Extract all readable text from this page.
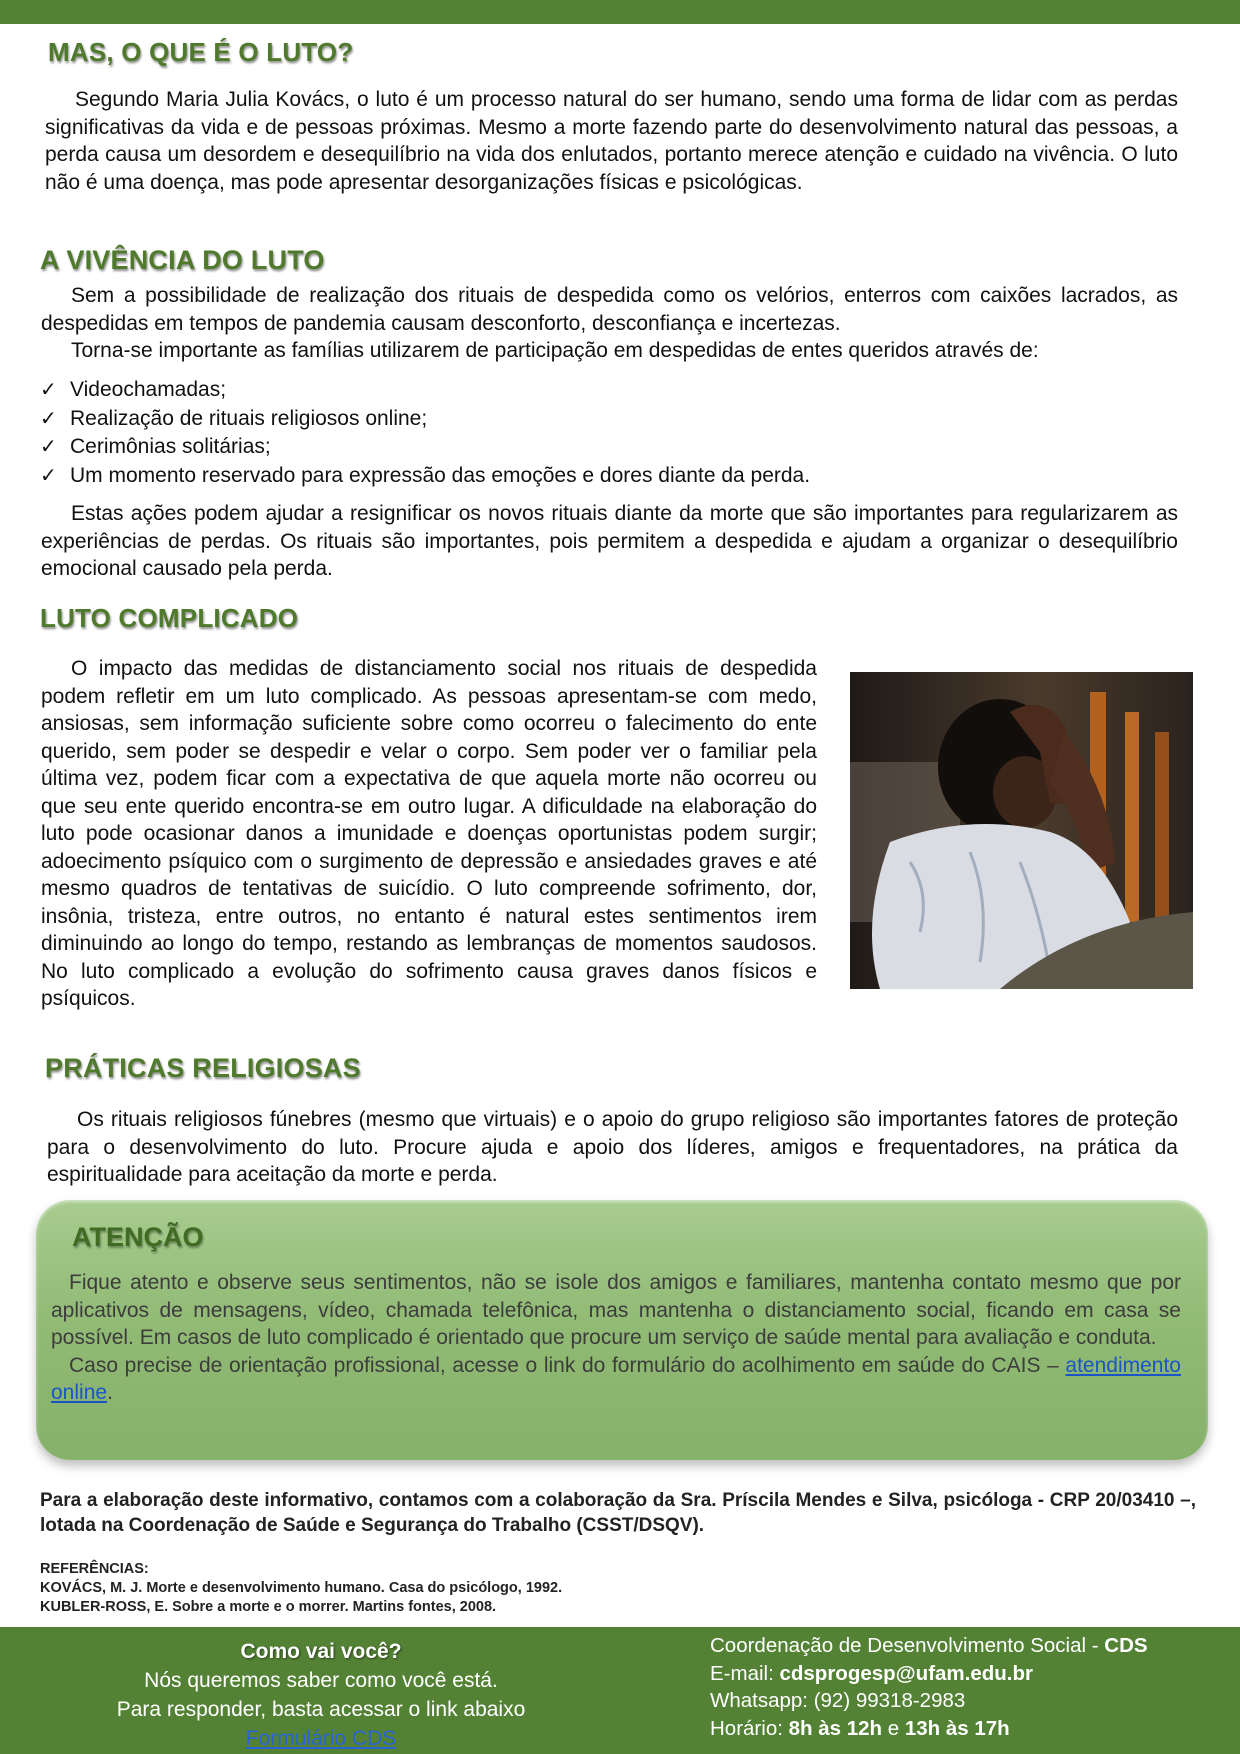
MAS, O QUE É O LUTO?

Segundo Maria Julia Kovács, o luto é um processo natural do ser humano, sendo uma forma de lidar com as perdas significativas da vida e de pessoas próximas. Mesmo a morte fazendo parte do desenvolvimento natural das pessoas, a perda causa um desordem e desequilíbrio na vida dos enlutados, portanto merece atenção e cuidado na vivência. O luto não é uma doença, mas pode apresentar desorganizações físicas e psicológicas.

A VIVÊNCIA DO LUTO

Sem a possibilidade de realização dos rituais de despedida como os velórios, enterros com caixões lacrados, as despedidas em tempos de pandemia causam desconforto, desconfiança e incertezas.

Torna-se importante as famílias utilizarem de participação em despedidas de entes queridos através de:

✓ Videochamadas;
✓ Realização de rituais religiosos online;
✓ Cerimônias solitárias;
✓ Um momento reservado para expressão das emoções e dores diante da perda.

Estas ações podem ajudar a resignificar os novos rituais diante da morte que são importantes para regularizarem as experiências de perdas. Os rituais são importantes, pois permitem a despedida e ajudam a organizar o desequilíbrio emocional causado pela perda.

LUTO COMPLICADO

O impacto das medidas de distanciamento social nos rituais de despedida podem refletir em um luto complicado. As pessoas apresentam-se com medo, ansiosas, sem informação suficiente sobre como ocorreu o falecimento do ente querido, sem poder se despedir e velar o corpo. Sem poder ver o familiar pela última vez, podem ficar com a expectativa de que aquela morte não ocorreu ou que seu ente querido encontra-se em outro lugar. A dificuldade na elaboração do luto pode ocasionar danos a imunidade e doenças oportunistas podem surgir; adoecimento psíquico com o surgimento de depressão e ansiedades graves e até mesmo quadros de tentativas de suicídio. O luto compreende sofrimento, dor, insônia, tristeza, entre outros, no entanto é natural estes sentimentos irem diminuindo ao longo do tempo, restando as lembranças de momentos saudosos. No luto complicado a evolução do sofrimento causa graves danos físicos e psíquicos.

PRÁTICAS RELIGIOSAS

Os rituais religiosos fúnebres (mesmo que virtuais) e o apoio do grupo religioso são importantes fatores de proteção para o desenvolvimento do luto. Procure ajuda e apoio dos líderes, amigos e frequentadores, na prática da espiritualidade para aceitação da morte e perda.

ATENÇÃO

Fique atento e observe seus sentimentos, não se isole dos amigos e familiares, mantenha contato mesmo que por aplicativos de mensagens, vídeo, chamada telefônica, mas mantenha o distanciamento social, ficando em casa se possível. Em casos de luto complicado é orientado que procure um serviço de saúde mental para avaliação e conduta.

Caso precise de orientação profissional, acesse o link do formulário do acolhimento em saúde do CAIS – atendimento online.

Para a elaboração deste informativo, contamos com a colaboração da Sra. Príscila Mendes e Silva, psicóloga - CRP 20/03410 –, lotada na Coordenação de Saúde e Segurança do Trabalho (CSST/DSQV).

REFERÊNCIAS:
KOVÁCS, M. J. Morte e desenvolvimento humano. Casa do psicólogo, 1992.
KUBLER-ROSS, E. Sobre a morte e o morrer. Martins fontes, 2008.
Como vai você?
Nós queremos saber como você está.
Para responder, basta acessar o link abaixo
Formulário CDS
Coordenação de Desenvolvimento Social - CDS
E-mail: cdsprogesp@ufam.edu.br
Whatsapp: (92) 99318-2983
Horário: 8h às 12h e 13h às 17h
